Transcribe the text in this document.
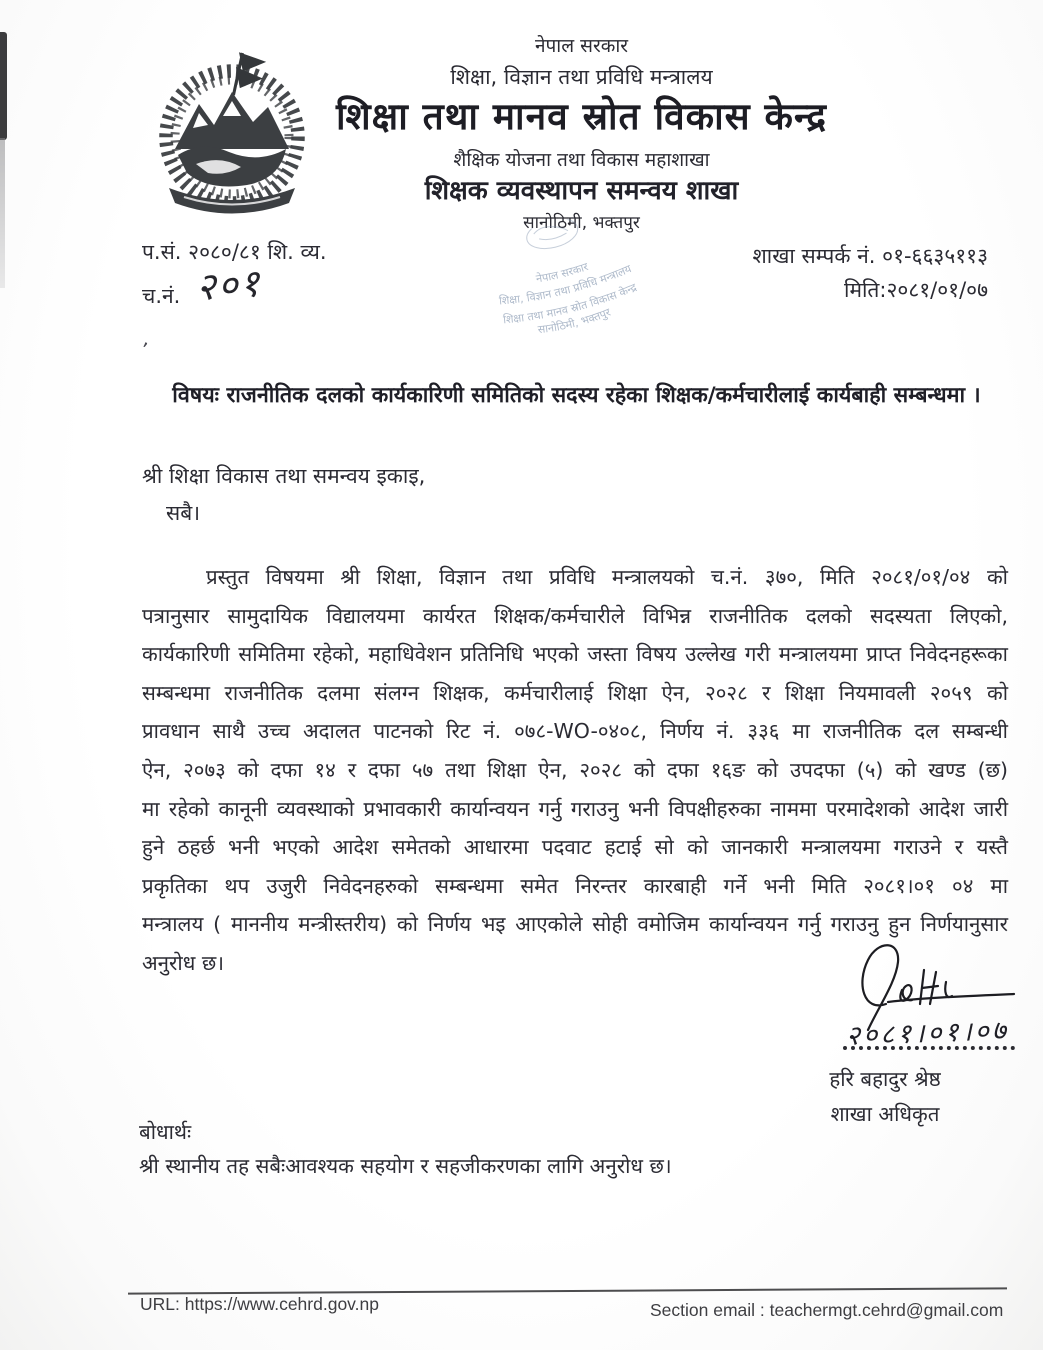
’
नेपाल सरकार
शिक्षा, विज्ञान तथा प्रविधि मन्त्रालय
शिक्षा तथा मानव स्रोत विकास केन्द्र
शैक्षिक योजना तथा विकास महाशाखा
शिक्षक व्यवस्थापन समन्वय शाखा
सानोठिमी, भक्तपुर
प.सं. २०८०/८१ शि. व्य.
च.नं. २०१
शाखा सम्पर्क नं. ०१-६६३५११३
मिति:२०८१/०१/०७
नेपाल सरकार
शिक्षा, विज्ञान तथा प्रविधि मन्त्रालय
शिक्षा तथा मानव स्रोत विकास केन्द्र
सानोठिमी, भक्तपुर
विषयः राजनीतिक दलको कार्यकारिणी समितिको सदस्य रहेका शिक्षक/कर्मचारीलाई कार्यबाही सम्बन्धमा ।
श्री शिक्षा विकास तथा समन्वय इकाइ,
सबै।
प्रस्तुत विषयमा श्री शिक्षा, विज्ञान तथा प्रविधि मन्त्रालयको च.नं. ३७०, मिति २०८१/०१/०४ को
पत्रानुसार सामुदायिक विद्यालयमा कार्यरत शिक्षक/कर्मचारीले विभिन्न राजनीतिक दलको सदस्यता लिएको,
कार्यकारिणी समितिमा रहेको, महाधिवेशन प्रतिनिधि भएको जस्ता विषय उल्लेख गरी मन्त्रालयमा प्राप्त निवेदनहरूका
सम्बन्धमा राजनीतिक दलमा संलग्न शिक्षक, कर्मचारीलाई शिक्षा ऐन, २०२८ र शिक्षा नियमावली २०५९ को
प्रावधान साथै उच्च अदालत पाटनको रिट नं. ०७८-WO-०४०८, निर्णय नं. ३३६ मा राजनीतिक दल सम्बन्धी
ऐन, २०७३ को दफा १४ र दफा ५७ तथा शिक्षा ऐन, २०२८ को दफा १६ङ को उपदफा (५) को खण्ड (छ)
मा रहेको कानूनी व्यवस्थाको प्रभावकारी कार्यान्वयन गर्नु गराउनु भनी विपक्षीहरुका नाममा परमादेशको आदेश जारी
हुने ठहर्छ भनी भएको आदेश समेतको आधारमा पदवाट हटाई सो को जानकारी मन्त्रालयमा गराउने र यस्तै
प्रकृतिका थप उजुरी निवेदनहरुको सम्बन्धमा समेत निरन्तर कारबाही गर्ने भनी मिति २०८१।०१ ०४ मा
मन्त्रालय ( माननीय मन्त्रीस्तरीय) को निर्णय भइ आएकोले सोही वमोजिम कार्यान्वयन गर्नु गराउनु हुन निर्णयानुसार
अनुरोध छ।
२०८१।०१।०७
हरि बहादुर श्रेष्ठ
शाखा अधिकृत
बोधार्थः
श्री स्थानीय तह सबैःआवश्यक सहयोग र सहजीकरणका लागि अनुरोध छ।
URL: https://www.cehrd.gov.np	Section email : teachermgt.cehrd@gmail.com
